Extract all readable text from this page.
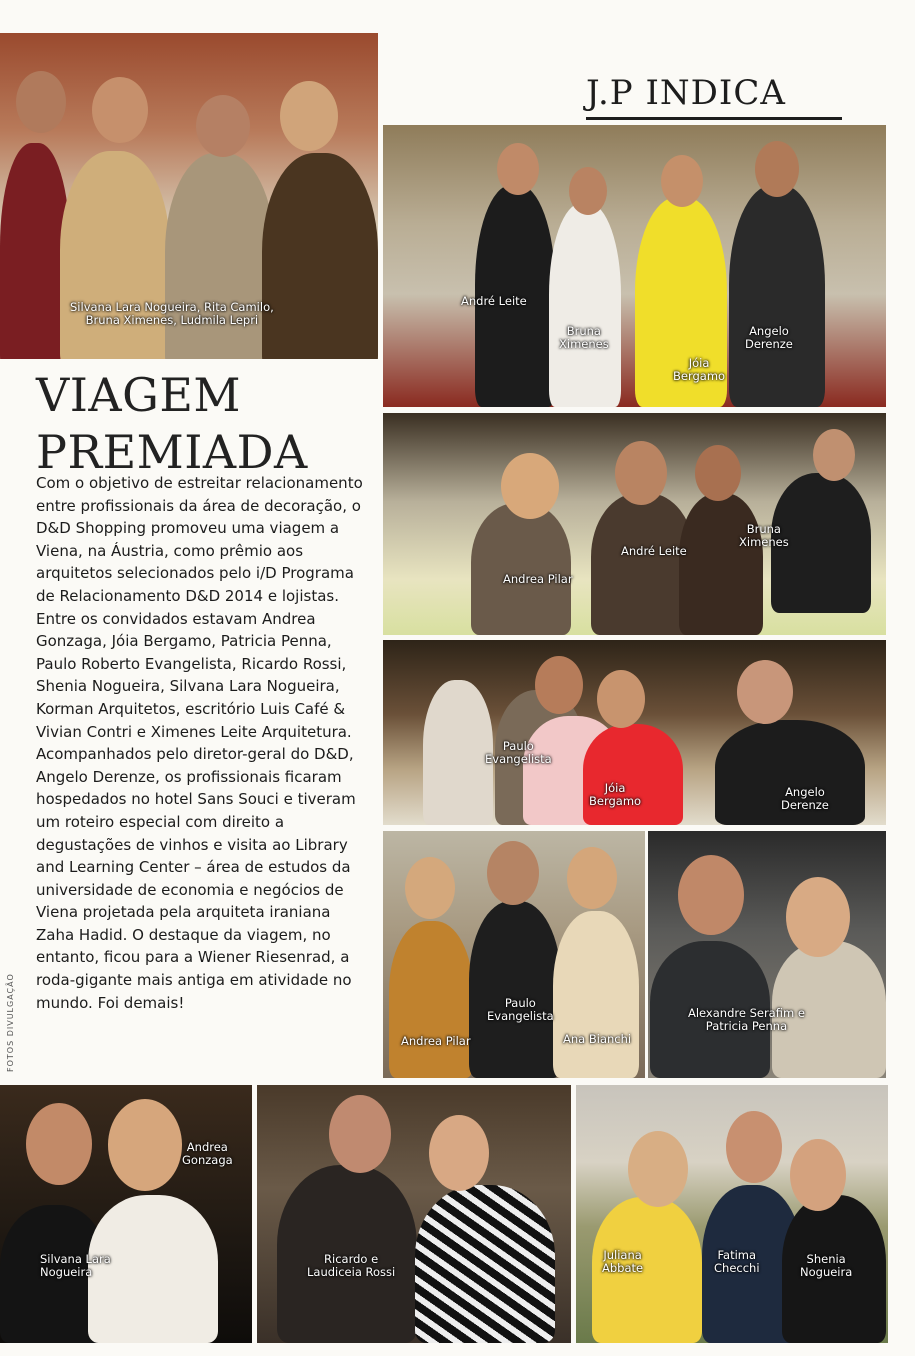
J.P INDICA
Silvana Lara Nogueira, Rita Camilo,
Bruna Ximenes, Ludmila Lepri
André Leite
Bruna
Ximenes
Jóia
Bergamo
Angelo
Derenze
VIAGEM
PREMIADA
Com o objetivo de estreitar relacionamento entre profissionais da área de decoração, o D&D Shopping promoveu uma viagem a Viena, na Áustria, como prêmio aos arquitetos selecionados pelo i/D Programa de Relacionamento D&D 2014 e lojistas. Entre os convidados estavam Andrea Gonzaga, Jóia Bergamo, Patricia Penna, Paulo Roberto Evangelista, Ricardo Rossi, Shenia Nogueira, Silvana Lara Nogueira, Korman Arquitetos, escritório Luis Café & Vivian Contri e Ximenes Leite Arquitetura. Acompanhados pelo diretor-geral do D&D, Angelo Derenze, os profissionais ficaram hospedados no hotel Sans Souci e tiveram um roteiro especial com direito a degustações de vinhos e visita ao Library and Learning Center – área de estudos da universidade de economia e negócios de Viena projetada pela arquiteta iraniana Zaha Hadid. O destaque da viagem, no entanto, ficou para a Wiener Riesenrad, a roda-gigante mais antiga em atividade no mundo. Foi demais!
FOTOS DIVULGAÇÃO
Andrea Pilar
André Leite
Bruna
Ximenes
Paulo
Evangelista
Jóia
Bergamo
Angelo
Derenze
Andrea Pilar
Paulo
Evangelista
Ana Bianchi
Alexandre Serafim e
Patricia Penna
Andrea
Gonzaga
Silvana Lara
Nogueira
Ricardo e
Laudiceia Rossi
Juliana
Abbate
Fatima
Checchi
Shenia
Nogueira
